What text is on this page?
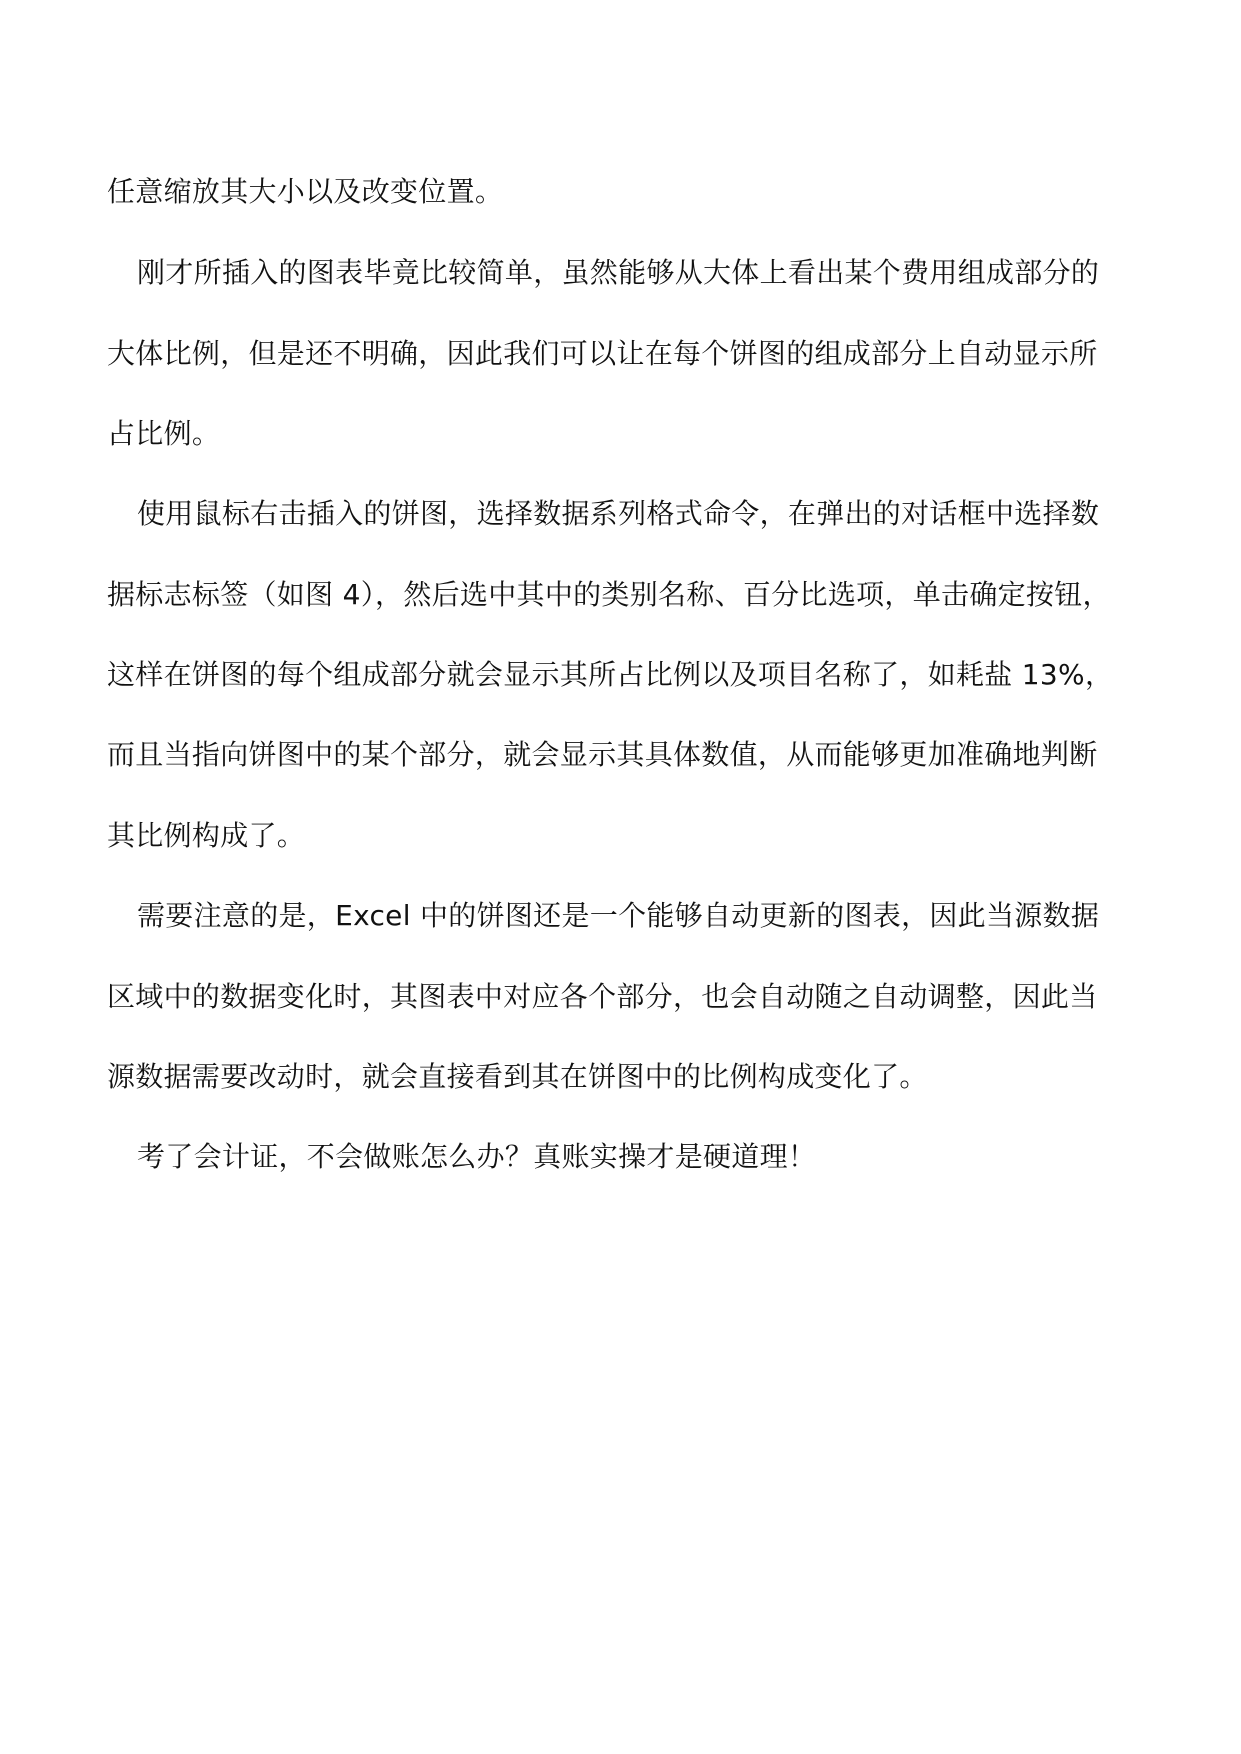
任意缩放其大小以及改变位置。
刚才所插入的图表毕竟比较简单，虽然能够从大体上看出某个费用组成部分的
大体比例，但是还不明确，因此我们可以让在每个饼图的组成部分上自动显示所
占比例。
使用鼠标右击插入的饼图，选择数据系列格式命令，在弹出的对话框中选择数
据标志标签（如图 4），然后选中其中的类别名称、百分比选项，单击确定按钮，
这样在饼图的每个组成部分就会显示其所占比例以及项目名称了，如耗盐 13%，
而且当指向饼图中的某个部分，就会显示其具体数值，从而能够更加准确地判断
其比例构成了。
需要注意的是，Excel 中的饼图还是一个能够自动更新的图表，因此当源数据
区域中的数据变化时，其图表中对应各个部分，也会自动随之自动调整，因此当
源数据需要改动时，就会直接看到其在饼图中的比例构成变化了。
考了会计证，不会做账怎么办？真账实操才是硬道理！
